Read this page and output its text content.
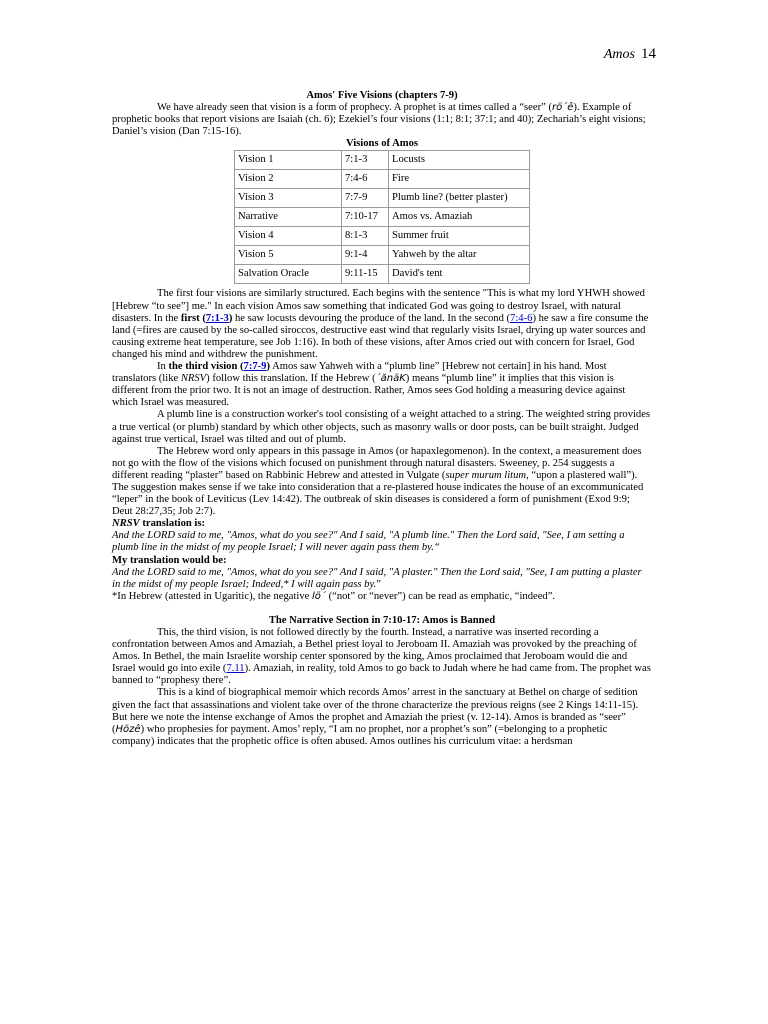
Amos 14

Amos' Five Visions (chapters 7-9)

We have already seen that vision is a form of prophecy. A prophet is at times called a “seer” (rö´ê). Example of prophetic books that report visions are Isaiah (ch. 6); Ezekiel’s four visions (1:1; 8:1; 37:1; and 40); Zechariah’s eight visions; Daniel’s vision (Dan 7:15-16).

Visions of Amos

Vision 1	7:1-3	Locusts
Vision 2	7:4-6	Fire
Vision 3	7:7-9	Plumb line? (better plaster)
Narrative	7:10-17	Amos vs. Amaziah
Vision 4	8:1-3	Summer fruit
Vision 5	9:1-4	Yahweh by the altar
Salvation Oracle	9:11-15	David's tent

The first four visions are similarly structured. Each begins with the sentence "This is what my lord YHWH showed [Hebrew “to see”] me." In each vision Amos saw something that indicated God was going to destroy Israel, with natural disasters. In the first (7:1-3) he saw locusts devouring the produce of the land. In the second (7:4-6) he saw a fire consume the land (=fires are caused by the so-called siroccos, destructive east wind that regularly visits Israel, drying up water sources and causing extreme heat temperature, see Job 1:16). In both of these visions, after Amos cried out with concern for Israel, God changed his mind and withdrew the punishment.

In the third vision (7:7-9) Amos saw Yahweh with a “plumb line” [Hebrew not certain] in his hand. Most translators (like NRSV) follow this translation. If the Hebrew (´ănäK) means “plumb line” it implies that this vision is different from the prior two. It is not an image of destruction. Rather, Amos sees God holding a measuring device against which Israel was measured.

A plumb line is a construction worker's tool consisting of a weight attached to a string. The weighted string provides a true vertical (or plumb) standard by which other objects, such as masonry walls or door posts, can be built straight. Judged against true vertical, Israel was tilted and out of plumb.

The Hebrew word only appears in this passage in Amos (or hapaxlegomenon). In the context, a measurement does not go with the flow of the visions which focused on punishment through natural disasters. Sweeney, p. 254 suggests a different reading “plaster” based on Rabbinic Hebrew and attested in Vulgate (super murum litum, “upon a plastered wall”). The suggestion makes sense if we take into consideration that a re-plastered house indicates the house of an excommunicated “leper” in the book of Leviticus (Lev 14:42). The outbreak of skin diseases is considered a form of punishment (Exod 9:9; Deut 28:27,35; Job 2:7).

NRSV translation is:

And the LORD said to me, "Amos, what do you see?" And I said, "A plumb line." Then the Lord said, "See, I am setting a plumb line in the midst of my people Israel; I will never again pass them by.“

My translation would be:

And the LORD said to me, "Amos, what do you see?" And I said, "A plaster." Then the Lord said, "See, I am putting a plaster in the midst of my people Israel; Indeed,* I will again pass by.”

*In Hebrew (attested in Ugaritic), the negative lö´ (“not” or “never”) can be read as emphatic, “indeed”.

The Narrative Section in 7:10-17: Amos is Banned

This, the third vision, is not followed directly by the fourth. Instead, a narrative was inserted recording a confrontation between Amos and Amaziah, a Bethel priest loyal to Jeroboam II. Amaziah was provoked by the preaching of Amos. In Bethel, the main Israelite worship center sponsored by the king, Amos proclaimed that Jeroboam would die and Israel would go into exile (7.11). Amaziah, in reality, told Amos to go back to Judah where he had came from. The prophet was banned to “prophesy there”.

This is a kind of biographical memoir which records Amos’ arrest in the sanctuary at Bethel on charge of sedition given the fact that assassinations and violent take over of the throne characterize the previous reigns (see 2 Kings 14:11-15). But here we note the intense exchange of Amos the prophet and Amaziah the priest (v. 12-14). Amos is branded as “seer” (Hözê) who prophesies for payment. Amos’ reply, “I am no prophet, nor a prophet’s son” (=belonging to a prophetic company) indicates that the prophetic office is often abused. Amos outlines his curriculum vitae: a herdsman
